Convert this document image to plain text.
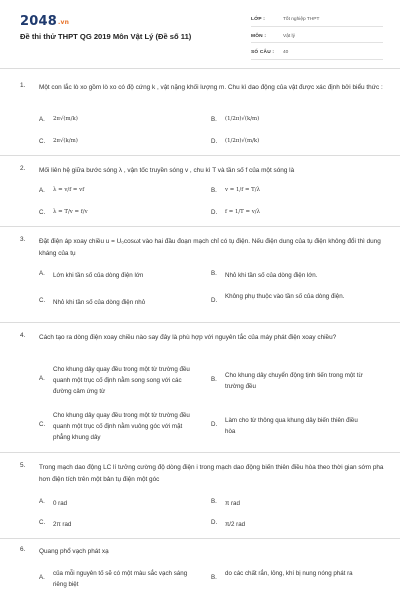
2048.vn
Đề thi thử THPT QG 2019 Môn Vật Lý (Đề số 11)
LỚP :	Tốt nghiệp THPT
MÔN :	Vật lý
SỐ CÂU :	40
1. Một con lắc lò xo gồm lò xo có độ cứng k , vật nặng khối lượng m. Chu kì dao động của vật được xác định bởi biểu thức :
A. 2π√(m/k)	B. (1/2π)√(k/m)
C. 2π√(k/m)	D. (1/2π)√(m/k)
2. Mối liên hệ giữa bước sóng λ , vận tốc truyền sóng v , chu kì T và tần số f của một sóng là
A. λ = v/f = vf	B. v = 1/f = T/λ
C. λ = T/v = f/v	D. f = 1/T = v/λ
3. Đặt điện áp xoay chiều u = U₀cosωt vào hai đầu đoạn mạch chỉ có tụ điện. Nếu điện dung của tụ điện không đổi thì dung kháng của tụ
A. Lớn khi tần số của dòng điện lớn	B. Nhỏ khi tần số của dòng điện lớn.
C. Nhỏ khi tần số của dòng điện nhỏ	D.
Không phụ thuộc vào tần số của dòng điện.
4. Cách tạo ra dòng điện xoay chiều nào say đây là phù hợp với nguyên tắc của máy phát điện xoay chiều?
A.
Cho khung dây quay đều trong một từ trường đều quanh một trục cố định nằm song song với các đường cảm ứng từ
B.
Cho khung dây chuyển động tịnh tiến trong một từ trường đều
C.
Cho khung dây quay đều trong một từ trường đều quanh một trục cố định nằm vuông góc với mặt phẳng khung dây
D.
Làm cho từ thông qua khung dây biến thiên điều hòa
5. Trong mạch dao động LC lí tưởng cường độ dòng điện i trong mạch dao động biến thiên điều hòa theo thời gian sớm pha hơn điện tích trên một bản tụ điện một góc
A. 0 rad	B. π rad
C. 2π rad	D. π/2 rad
6. Quang phổ vạch phát xạ
A.
của mỗi nguyên tố sẽ có một màu sắc vạch sáng riêng biệt
B.
do các chất rắn, lỏng, khí bị nung nóng phát ra
